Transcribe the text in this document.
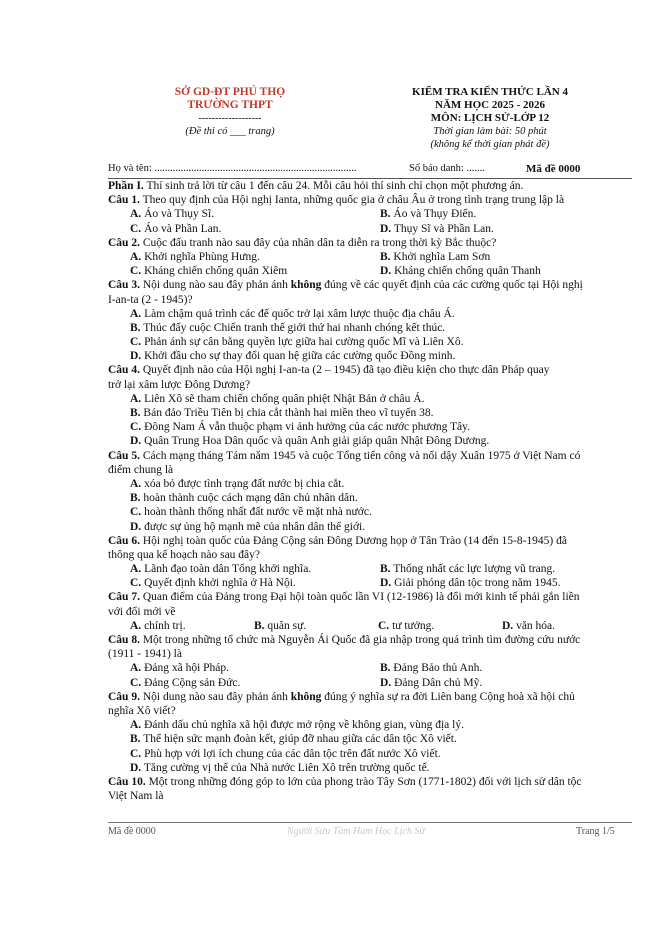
SỞ GD-ĐT PHÚ THỌ
TRƯỜNG THPT
-------------------
(Đề thi có ___ trang)
KIỂM TRA KIẾN THỨC LẦN 4
NĂM HỌC 2025 - 2026
MÔN: LỊCH SỬ-LỚP 12
Thời gian làm bài: 50 phút
(không kể thời gian phát đề)
Họ và tên: .............................................................................	Số báo danh: .......	Mã đề 0000
Phần I. Thí sinh trả lời từ câu 1 đến câu 24. Mỗi câu hỏi thí sinh chỉ chọn một phương án.
Câu 1. Theo quy định của Hội nghị Ianta, những quốc gia ở châu Âu ở trong tình trạng trung lập là
A. Áo và Thụy Sĩ.	B. Áo và Thụy Điển.
C. Áo và Phần Lan.	D. Thụy Sĩ và Phần Lan.
Câu 2. Cuộc đấu tranh nào sau đây của nhân dân ta diễn ra trong thời kỳ Bắc thuộc?
A. Khởi nghĩa Phùng Hưng.	B. Khởi nghĩa Lam Sơn
C. Kháng chiến chống quân Xiêm	D. Kháng chiến chống quân Thanh
Câu 3. Nội dung nào sau đây phản ánh không đúng về các quyết định của các cường quốc tại Hội nghị
I-an-ta (2 - 1945)?
A. Làm chậm quá trình các đế quốc trở lại xâm lược thuộc địa châu Á.
B. Thúc đẩy cuộc Chiến tranh thế giới thứ hai nhanh chóng kết thúc.
C. Phản ánh sự cân bằng quyền lực giữa hai cường quốc Mĩ và Liên Xô.
D. Khởi đầu cho sự thay đổi quan hệ giữa các cường quốc Đồng minh.
Câu 4. Quyết định nào của Hội nghị I-an-ta (2 – 1945) đã tạo điều kiện cho thực dân Pháp quay
trở lại xâm lược Đông Dương?
A. Liên Xô sẽ tham chiến chống quân phiệt Nhật Bản ở châu Á.
B. Bán đảo Triều Tiên bị chia cắt thành hai miền theo vĩ tuyến 38.
C. Đông Nam Á vẫn thuộc phạm vi ảnh hưởng của các nước phương Tây.
D. Quân Trung Hoa Dân quốc và quân Anh giải giáp quân Nhật Đông Dương.
Câu 5. Cách mạng tháng Tám năm 1945 và cuộc Tổng tiến công và nổi dậy Xuân 1975 ở Việt Nam có
điểm chung là
A. xóa bỏ được tình trạng đất nước bị chia cắt.
B. hoàn thành cuộc cách mạng dân chủ nhân dân.
C. hoàn thành thống nhất đất nước về mặt nhà nước.
D. được sự ủng hộ mạnh mẽ của nhân dân thế giới.
Câu 6. Hội nghị toàn quốc của Đảng Cộng sản Đông Dương họp ở Tân Trào (14 đến 15-8-1945) đã
thông qua kế hoạch nào sau đây?
A. Lãnh đạo toàn dân Tổng khởi nghĩa.	B. Thống nhất các lực lượng vũ trang.
C. Quyết định khởi nghĩa ở Hà Nội.	D. Giải phóng dân tộc trong năm 1945.
Câu 7. Quan điểm của Đảng trong Đại hội toàn quốc lần VI (12-1986) là đổi mới kinh tế phải gắn liền
với đổi mới về
A. chính trị.	B. quân sự.	C. tư tưởng.	D. văn hóa.
Câu 8. Một trong những tổ chức mà Nguyễn Ái Quốc đã gia nhập trong quá trình tìm đường cứu nước
(1911 - 1941) là
A. Đảng xã hội Pháp.	B. Đảng Bảo thủ Anh.
C. Đảng Cộng sản Đức.	D. Đảng Dân chủ Mỹ.
Câu 9. Nội dung nào sau đây phản ánh không đúng ý nghĩa sự ra đời Liên bang Cộng hoà xã hội chủ
nghĩa Xô viết?
A. Đánh dấu chủ nghĩa xã hội được mở rộng về không gian, vùng địa lý.
B. Thể hiện sức mạnh đoàn kết, giúp đỡ nhau giữa các dân tộc Xô viết.
C. Phù hợp với lợi ích chung của các dân tộc trên đất nước Xô viết.
D. Tăng cường vị thế của Nhà nước Liên Xô trên trường quốc tế.
Câu 10. Một trong những đóng góp to lớn của phong trào Tây Sơn (1771-1802) đối với lịch sử dân tộc
Việt Nam là
Mã đề 0000	Người Sưu Tầm Ham Học Lịch Sử	Trang 1/5
